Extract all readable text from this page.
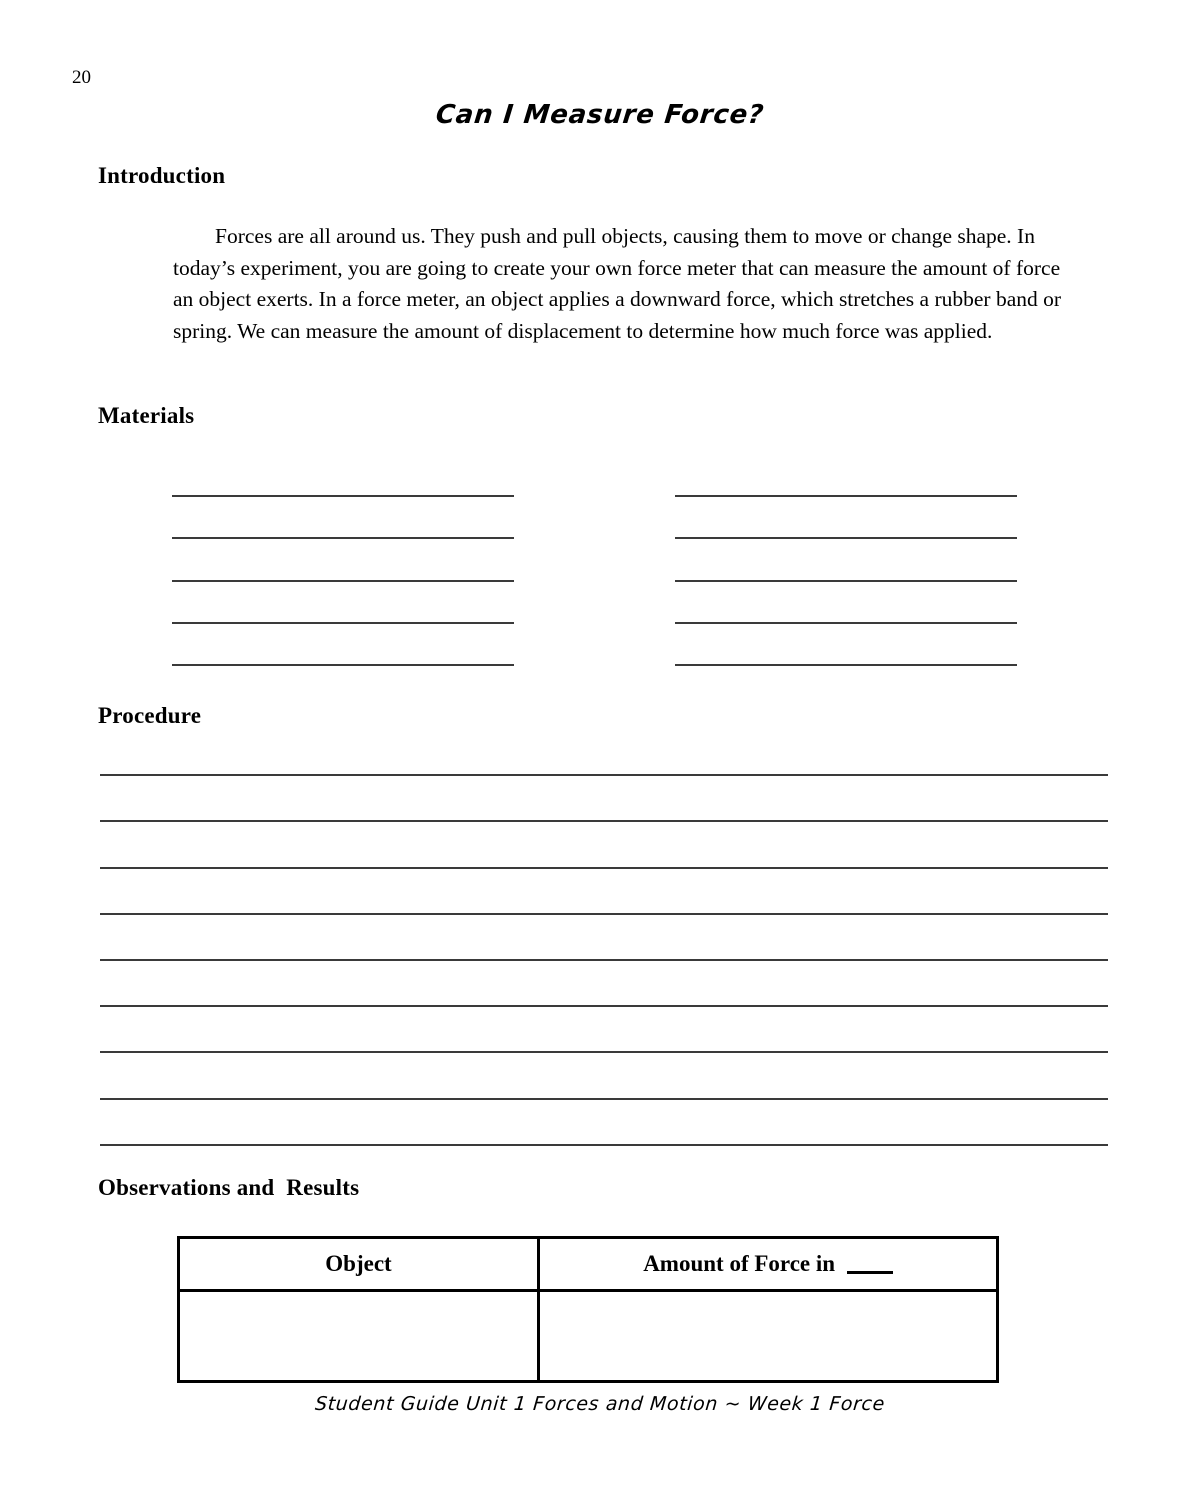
20
Can I Measure Force?
Introduction
Forces are all around us. They push and pull objects, causing them to move or change shape. In today’s experiment, you are going to create your own force meter that can measure the amount of force an object exerts. In a force meter, an object applies a downward force, which stretches a rubber band or spring. We can measure the amount of displacement to determine how much force was applied.
Materials
Procedure
Observations and  Results
Object	Amount of Force in

Student Guide Unit 1 Forces and Motion ~ Week 1 Force
